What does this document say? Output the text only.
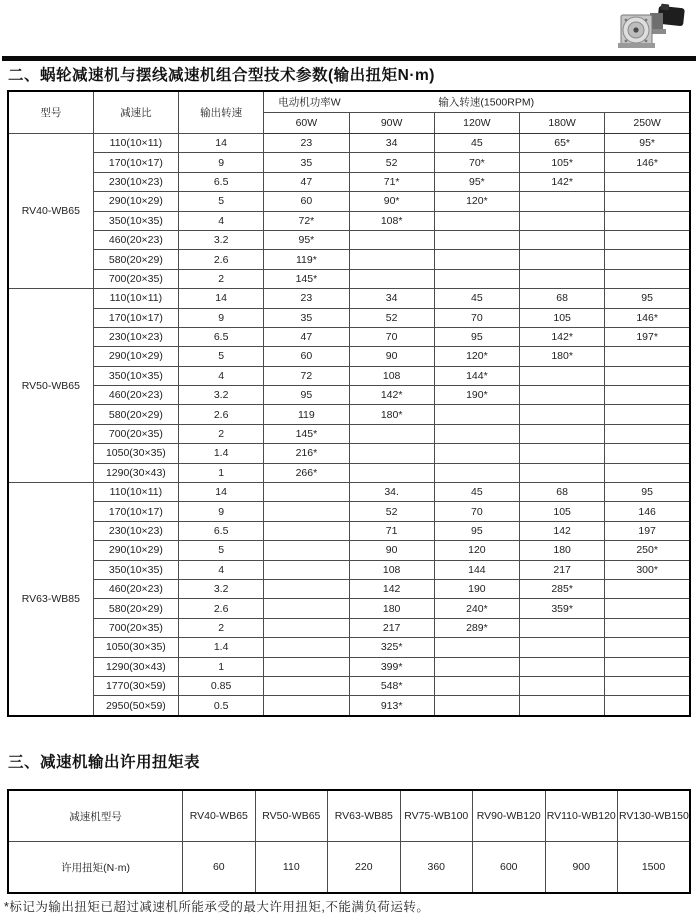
二、蜗轮减速机与摆线减速机组合型技术参数(输出扭矩N·m)
型号	减速比	输出转速	电动机功率W 输入转速(1500RPM)				

			60W	90W	120W	180W	250W
RV40-WB65	110(10×11)	14	23	34	45	65*	95*
	170(10×17)	9	35	52	70*	105*	146*
	230(10×23)	6.5	47	71*	95*	142*	
	290(10×29)	5	60	90*	120*		
	350(10×35)	4	72*	108*			
	460(20×23)	3.2	95*				
	580(20×29)	2.6	119*				
	700(20×35)	2	145*				
RV50-WB65	110(10×11)	14	23	34	45	68	95
	170(10×17)	9	35	52	70	105	146*
	230(10×23)	6.5	47	70	95	142*	197*
	290(10×29)	5	60	90	120*	180*	
	350(10×35)	4	72	108	144*		
	460(20×23)	3.2	95	142*	190*		
	580(20×29)	2.6	119	180*			
	700(20×35)	2	145*				
	1050(30×35)	1.4	216*				
	1290(30×43)	1	266*				
RV63-WB85	110(10×11)	14		34.	45	68	95
	170(10×17)	9		52	70	105	146
	230(10×23)	6.5		71	95	142	197
	290(10×29)	5		90	120	180	250*
	350(10×35)	4		108	144	217	300*
	460(20×23)	3.2		142	190	285*	
	580(20×29)	2.6		180	240*	359*	
	700(20×35)	2		217	289*		
	1050(30×35)	1.4		325*			
	1290(30×43)	1		399*			
	1770(30×59)	0.85		548*			
	2950(50×59)	0.5		913*			
三、减速机输出许用扭矩表
减速机型号	RV40-WB65	RV50-WB65	RV63-WB85	RV75-WB100	RV90-WB120	RV110-WB120	RV130-WB150
许用扭矩(N·m)	60	110	220	360	600	900	1500

*标记为输出扭矩已超过减速机所能承受的最大许用扭矩,不能满负荷运转。
